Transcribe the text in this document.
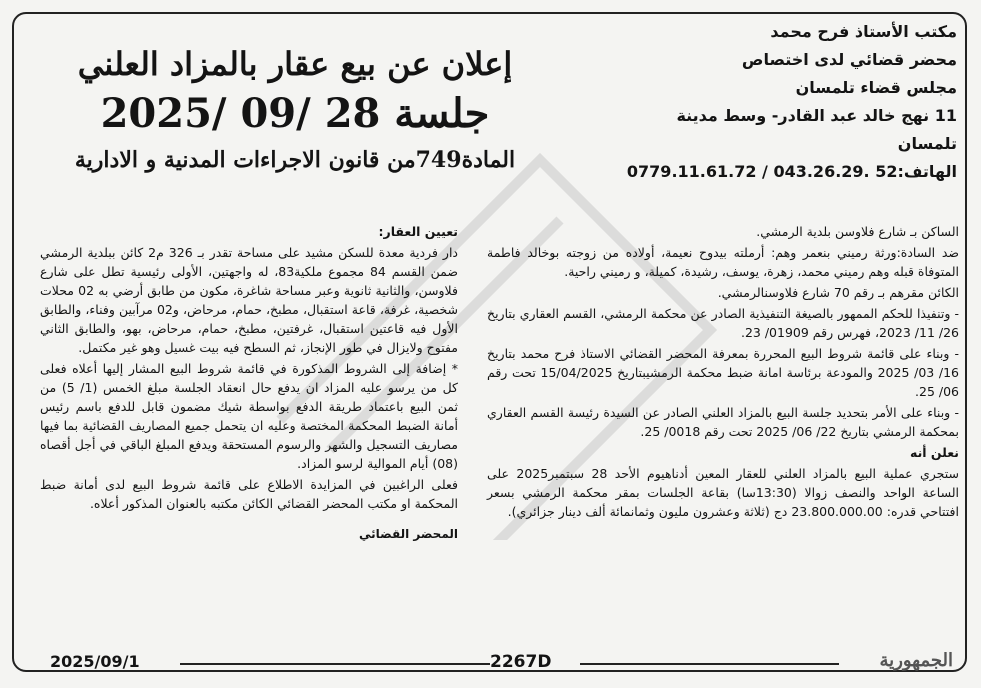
مكتب الأستاذ فرح محمد
محضر قضائي لدى اختصاص
مجلس قضاء تلمسان
11 نهج خالد عبد القادر- وسط مدينة
تلمسان
الهاتف:52 .043.26.29 / 0779.11.61.72
إعلان عن بيع عقار بالمزاد العلني
جلسة 28 /09 /2025
المادة749من قانون الاجراءات المدنية و الادارية

الساكن بـ شارع فلاوسن بلدية الرمشي.

ضد السادة:ورثة رميني بنعمر وهم: أرملته بيدوح نعيمة، أولاده من زوجته بوخالد فاطمة المتوفاة قبله وهم رميني محمد، زهرة، يوسف، رشيدة، كميلة، و رميني راحية.

الكائن مقرهم بـ رقم 70 شارع فلاوسنالرمشي.

- وتنفيذا للحكم الممهور بالصيغة التنفيذية الصادر عن محكمة الرمشي، القسم العقاري بتاريخ 26/ 11/ 2023، فهرس رقم 01909/ 23.

- وبناء على قائمة شروط البيع المحررة بمعرفة المحضر القضائي الاستاذ فرح محمد بتاريخ 16/ 03/ 2025 والمودعة برئاسة امانة ضبط محكمة الرمشيبتاريخ 15/04/2025 تحت رقم 06/ 25.

- وبناء على الأمر بتحديد جلسة البيع بالمزاد العلني الصادر عن السيدة رئيسة القسم العقاري بمحكمة الرمشي بتاريخ 22/ 06/ 2025 تحت رقم 0018/ 25.

نعلن أنه

ستجري عملية البيع بالمزاد العلني للعقار المعين أدناهيوم الأحد 28 سبتمبر2025 على الساعة الواحد والنصف زوالا (13:30سا) بقاعة الجلسات بمقر محكمة الرمشي بسعر افتتاحي قدره: 23.800.000.00 دج (ثلاثة وعشرون مليون وثمانمائة ألف دينار جزائري).

تعيين العقار:

دار فردية معدة للسكن مشيد على مساحة تقدر بـ 326 م2 كائن ببلدية الرمشي ضمن القسم 84 مجموع ملكية83، له واجهتين، الأولى رئيسية تطل على شارع فلاوسن، والثانية ثانوية وعبر مساحة شاغرة، مكون من طابق أرضي به 02 محلات شخصية، غرفة، قاعة استقبال، مطبخ، حمام، مرحاض، و02 مرآبين وفناء، والطابق الأول فيه قاعتين استقبال، غرفتين، مطبخ، حمام، مرحاض، بهو، والطابق الثاني مفتوح ولايزال في طور الإنجاز، ثم السطح فيه بيت غسيل وهو غير مكتمل.

* إضافة إلى الشروط المذكورة في قائمة شروط البيع المشار إليها أعلاه فعلى كل من يرسو عليه المزاد ان يدفع حال انعقاد الجلسة مبلغ الخمس (1/ 5) من ثمن البيع باعتماد طريقة الدفع بواسطة شيك مضمون قابل للدفع باسم رئيس أمانة الضبط المحكمة المختصة وعليه ان يتحمل جميع المصاريف القضائية بما فيها مصاريف التسجيل والشهر والرسوم المستحقة ويدفع المبلغ الباقي في أجل أقصاه (08) أيام الموالية لرسو المزاد.

فعلى الراغبين في المزايدة الاطلاع على قائمة شروط البيع لدى أمانة ضبط المحكمة او مكتب المحضر القضائي الكائن مكتبه بالعنوان المذكور أعلاه.

المحضر القضائي

2025/09/1	2267D	الجمهورية
